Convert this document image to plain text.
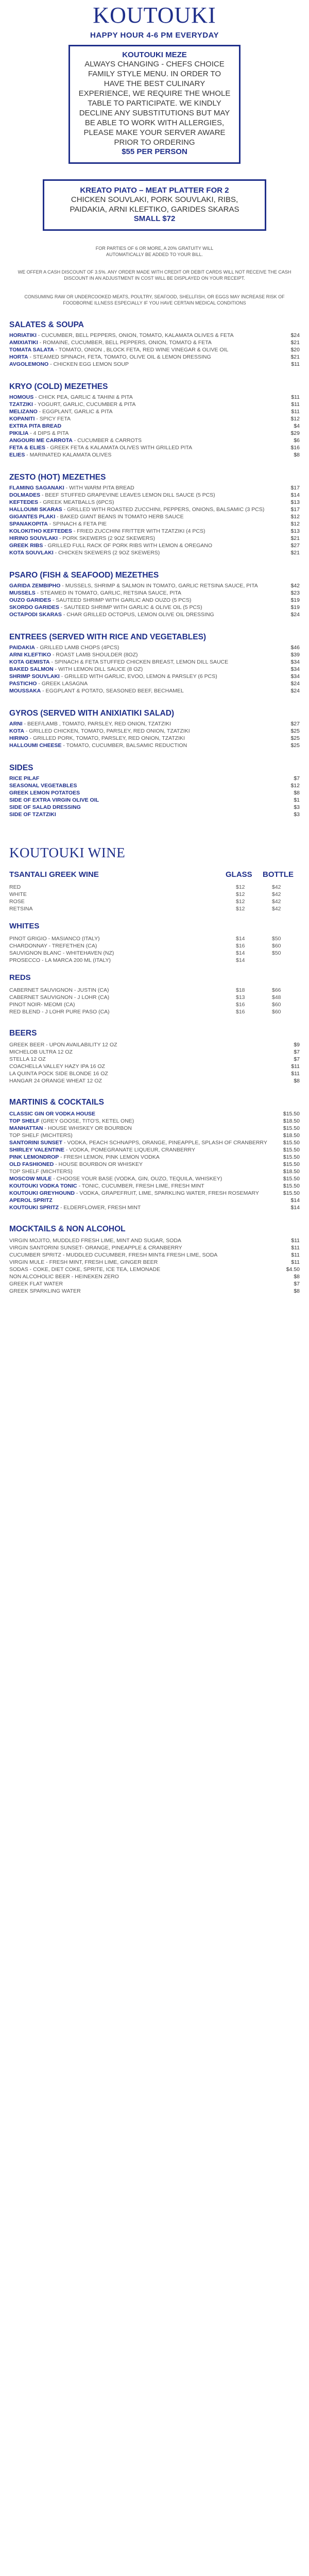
KOUTOUKI
HAPPY HOUR 4-6 PM EVERYDAY
KOUTOUKI MEZE
ALWAYS CHANGING - CHEFS CHOICE FAMILY STYLE MENU. IN ORDER TO HAVE THE BEST CULINARY EXPERIENCE, WE REQUIRE THE WHOLE TABLE TO PARTICIPATE. WE KINDLY DECLINE ANY SUBSTITUTIONS BUT MAY BE ABLE TO WORK WITH ALLERGIES, PLEASE MAKE YOUR SERVER AWARE PRIOR TO ORDERING
$55 PER PERSON
KREATO PIATO – MEAT PLATTER FOR 2
CHICKEN SOUVLAKI, PORK SOUVLAKI, RIBS, PAIDAKIA, ARNI KLEFTIKO, GARIDES SKARAS
SMALL $72
FOR PARTIES OF 6 OR MORE, A 20% GRATUITY WILL AUTOMATICALLY BE ADDED TO YOUR BILL.
WE OFFER A CASH DISCOUNT OF 3.5%. ANY ORDER MADE WITH CREDIT OR DEBIT CARDS WILL NOT RECEIVE THE CASH DISCOUNT IN AN ADJUSTMENT IN COST WILL BE DISPLAYED ON YOUR RECEIPT.
CONSUMING RAW OR UNDERCOOKED MEATS, POULTRY, SEAFOOD, SHELLFISH, OR EGGS MAY INCREASE RISK OF FOODBORNE ILLNESS ESPECIALLY IF YOU HAVE CERTAIN MEDICAL CONDITIONS
SALATES & SOUPA
HORIATIKI - CUCUMBER, BELL PEPPERS, ONION, TOMATO, KALAMATA OLIVES & FETA	$24
AMIXIATIKI - ROMAINE, CUCUMBER, BELL PEPPERS, ONION, TOMATO & FETA	$21
TOMATA SALATA - TOMATO, ONION , BLOCK FETA, RED WINE VINEGAR & OLIVE OIL	$20
HORTA - STEAMED SPINACH, FETA, TOMATO, OLIVE OIL & LEMON DRESSING	$21
AVGOLEMONO - CHICKEN EGG LEMON SOUP	$11
KRYO (COLD) MEZETHES
HOMOUS - CHICK PEA, GARLIC & TAHINI & PITA	$11
TZATZIKI - YOGURT, GARLIC, CUCUMBER & PITA	$11
MELIZANO - EGGPLANT, GARLIC & PITA	$11
KOPANITI - SPICY FETA	$12
EXTRA PITA BREAD	$4
PIKILIA - 4 DIPS & PITA	$29
ANGOURI ME CARROTA - CUCUMBER & CARROTS	$6
FETA & ELIES - GREEK FETA & KALAMATA OLIVES WITH GRILLED PITA	$16
ELIES - MARINATED KALAMATA OLIVES	$8
ZESTO (HOT) MEZETHES
FLAMING SAGANAKI - WITH WARM PITA BREAD	$17
DOLMADES - BEEF STUFFED GRAPEVINE LEAVES LEMON DILL SAUCE (5 PCS)	$14
KEFTEDES - GREEK MEATBALLS (6PCS)	$13
HALLOUMI SKARAS - GRILLED WITH ROASTED ZUCCHINI, PEPPERS, ONIONS, BALSAMIC (3 PCS)	$17
GIGANTES PLAKI - BAKED GIANT BEANS IN TOMATO HERB SAUCE	$12
SPANAKOPITA - SPINACH & FETA PIE	$12
KOLOKITHO KEFTEDES - FRIED ZUCCHINI FRITTER WITH TZATZIKI (4 PCS)	$13
HIRINO SOUVLAKI - PORK SKEWERS (2 9OZ SKEWERS)	$21
GREEK RIBS - GRILLED FULL RACK OF PORK RIBS WITH LEMON & OREGANO	$27
KOTA SOUVLAKI - CHICKEN SKEWERS (2 9OZ SKEWERS)	$21
PSARO (FISH & SEAFOOD) MEZETHES
GARIDA ZEMBIPHO - MUSSELS, SHRIMP & SALMON IN TOMATO, GARLIC RETSINA SAUCE, PITA	$42
MUSSELS - STEAMED IN TOMATO, GARLIC, RETSINA SAUCE, PITA	$23
OUZO GARIDES - SAUTEED SHRIMP WITH GARLIC AND OUZO (5 PCS)	$19
SKORDO GARIDES - SAUTEED SHRIMP WITH GARLIC & OLIVE OIL (5 PCS)	$19
OCTAPODI SKARAS - CHAR GRILLED OCTOPUS, LEMON OLIVE OIL DRESSING	$24
ENTREES (SERVED WITH RICE AND VEGETABLES)
PAIDAKIA - GRILLED LAMB CHOPS (4PCS)	$46
ARNI KLEFTIKO - ROAST LAMB SHOULDER (8OZ)	$39
KOTA GEMISTA - SPINACH & FETA STUFFED CHICKEN BREAST, LEMON DILL SAUCE	$34
BAKED SALMON - WITH LEMON DILL SAUCE (8 OZ)	$34
SHRIMP SOUVLAKI - GRILLED WITH GARLIC, EVOO, LEMON & PARSLEY (6 PCS)	$34
PASTICHO - GREEK LASAGNA	$24
MOUSSAKA - EGGPLANT & POTATO, SEASONED BEEF, BECHAMEL	$24
GYROS (SERVED WITH ANIXIATIKI SALAD)
ARNI - BEEF/LAMB , TOMATO, PARSLEY, RED ONION, TZATZIKI	$27
KOTA - GRILLED CHICKEN, TOMATO, PARSLEY, RED ONION, TZATZIKI	$25
HIRINO - GRILLED PORK, TOMATO, PARSLEY, RED ONION, TZATZIKI	$25
HALLOUMI CHEESE - TOMATO, CUCUMBER, BALSAMIC REDUCTION	$25
SIDES
RICE PILAF	$7
SEASONAL VEGETABLES	$12
GREEK LEMON POTATOES	$8
SIDE OF EXTRA VIRGIN OLIVE OIL	$1
SIDE OF SALAD DRESSING	$3
SIDE OF TZATZIKI	$3
KOUTOUKI WINE
TSANTALI GREEK WINE	GLASS BOTTLE
RED	$12	$42
WHITE	$12	$42
ROSE	$12	$42
RETSINA	$12	$42
WHITES
PINOT GRIGIO - MASIANCO (ITALY)	$14	$50
CHARDONNAY - TREFETHEN (CA)	$16	$60
SAUVIGNON BLANC - WHITEHAVEN (NZ)	$14	$50
PROSECCO - LA MARCA 200 ML (ITALY)	$14
REDS
CABERNET SAUVIGNON - JUSTIN (CA)	$18	$66
CABERNET SAUVIGNON - J LOHR (CA)	$13	$48
PINOT NOIR- MEOMI (CA)	$16	$60
RED BLEND - J LOHR PURE PASO (CA)	$16	$60
BEERS
GREEK BEER - UPON AVAILABILITY 12 OZ	$9
MICHELOB ULTRA 12 OZ	$7
STELLA 12 OZ	$7
COACHELLA VALLEY HAZY IPA 16 OZ	$11
LA QUINTA POCK SIDE BLONDE 16 OZ	$11
HANGAR 24 ORANGE WHEAT 12 OZ	$8
MARTINIS & COCKTAILS
CLASSIC GIN OR VODKA HOUSE	$15.50
TOP SHELF (GREY GOOSE, TITO'S, KETEL ONE)	$18.50
MANHATTAN - HOUSE WHISKEY OR BOURBON	$15.50
TOP SHELF (MICHTERS)	$18.50
SANTORINI SUNSET - VODKA, PEACH SCHNAPPS, ORANGE, PINEAPPLE, SPLASH OF CRANBERRY	$15.50
SHIRLEY VALENTINE - VODKA, POMEGRANATE LIQUEUR, CRANBERRY	$15.50
PINK LEMONDROP - FRESH LEMON, PINK LEMON VODKA	$15.50
OLD FASHIONED - HOUSE BOURBON OR WHISKEY	$15.50
TOP SHELF (MICHTERS)	$18.50
MOSCOW MULE - CHOOSE YOUR BASE (VODKA, GIN, OUZO, TEQUILA, WHISKEY)	$15.50
KOUTOUKI VODKA TONIC - TONIC, CUCUMBER, FRESH LIME, FRESH MINT	$15.50
KOUTOUKI GREYHOUND - VODKA, GRAPEFRUIT, LIME, SPARKLING WATER, FRESH ROSEMARY	$15.50
APEROL SPRITZ	$14
KOUTOUKI SPRITZ - ELDERFLOWER, FRESH MINT	$14
MOCKTAILS & NON ALCOHOL
VIRGIN MOJITO, MUDDLED FRESH LIME, MINT AND SUGAR, SODA	$11
VIRGIN SANTORINI SUNSET- ORANGE, PINEAPPLE & CRANBERRY	$11
CUCUMBER SPRITZ - MUDDLED CUCUMBER, FRESH MINT& FRESH LIME, SODA	$11
VIRGIN MULE - FRESH MINT, FRESH LIME, GINGER BEER	$11
SODAS - COKE, DIET COKE, SPRITE, ICE TEA, LEMONADE	$4.50
NON ALCOHOLIC BEER - HEINEKEN ZERO	$8
GREEK FLAT WATER	$7
GREEK SPARKLING WATER	$8
